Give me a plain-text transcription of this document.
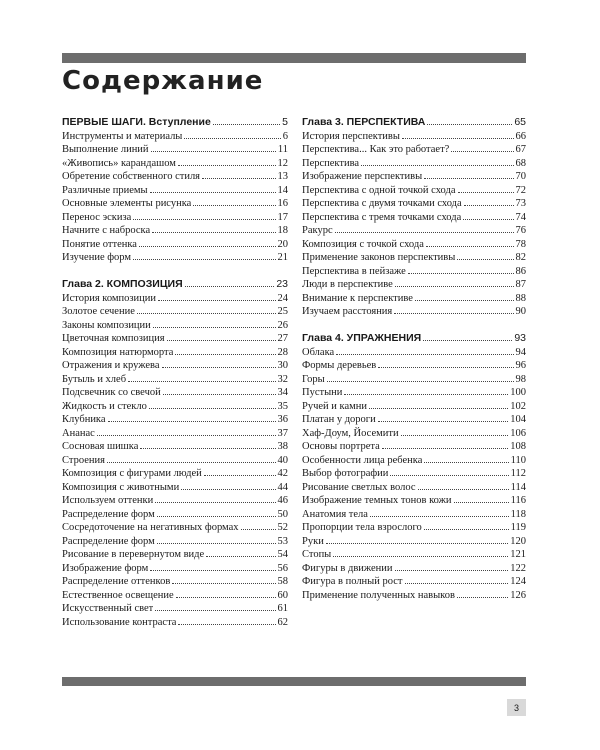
Содержание
ПЕРВЫЕ ШАГИ. Вступление	5
Инструменты и материалы	6
Выполнение линий	11
«Живопись» карандашом	12
Обретение собственного стиля	13
Различные приемы	14
Основные элементы рисунка	16
Перенос эскиза	17
Начните с наброска	18
Понятие оттенка	20
Изучение форм	21
Глава 2. КОМПОЗИЦИЯ	23
История композиции	24
Золотое сечение	25
Законы композиции	26
Цветочная композиция	27
Композиция натюрморта	28
Отражения и кружева	30
Бутыль и хлеб	32
Подсвечник со свечой	34
Жидкость и стекло	35
Клубника	36
Ананас	37
Сосновая шишка	38
Строения	40
Композиция с фигурами людей	42
Композиция с животными	44
Используем оттенки	46
Распределение форм	50
Сосредоточение на негативных формах	52
Распределение форм	53
Рисование в перевернутом виде	54
Изображение форм	56
Распределение оттенков	58
Естественное освещение	60
Искусственный свет	61
Использование контраста	62
Глава 3. ПЕРСПЕКТИВА	65
История перспективы	66
Перспектива... Как это работает?	67
Перспектива	68
Изображение перспективы	70
Перспектива с одной точкой схода	72
Перспектива с двумя точками схода	73
Перспектива с тремя точками схода	74
Ракурс	76
Композиция с точкой схода	78
Применение законов перспективы	82
Перспектива в пейзаже	86
Люди в перспективе	87
Внимание к перспективе	88
Изучаем расстояния	90
Глава 4. УПРАЖНЕНИЯ	93
Облака	94
Формы деревьев	96
Горы	98
Пустыни	100
Ручей и камни	102
Платан у дороги	104
Хаф-Доум, Йосемити	106
Основы портрета	108
Особенности лица ребенка	110
Выбор фотографии	112
Рисование светлых волос	114
Изображение темных тонов кожи	116
Анатомия тела	118
Пропорции тела взрослого	119
Руки	120
Стопы	121
Фигуры в движении	122
Фигура в полный рост	124
Применение полученных навыков	126
3
